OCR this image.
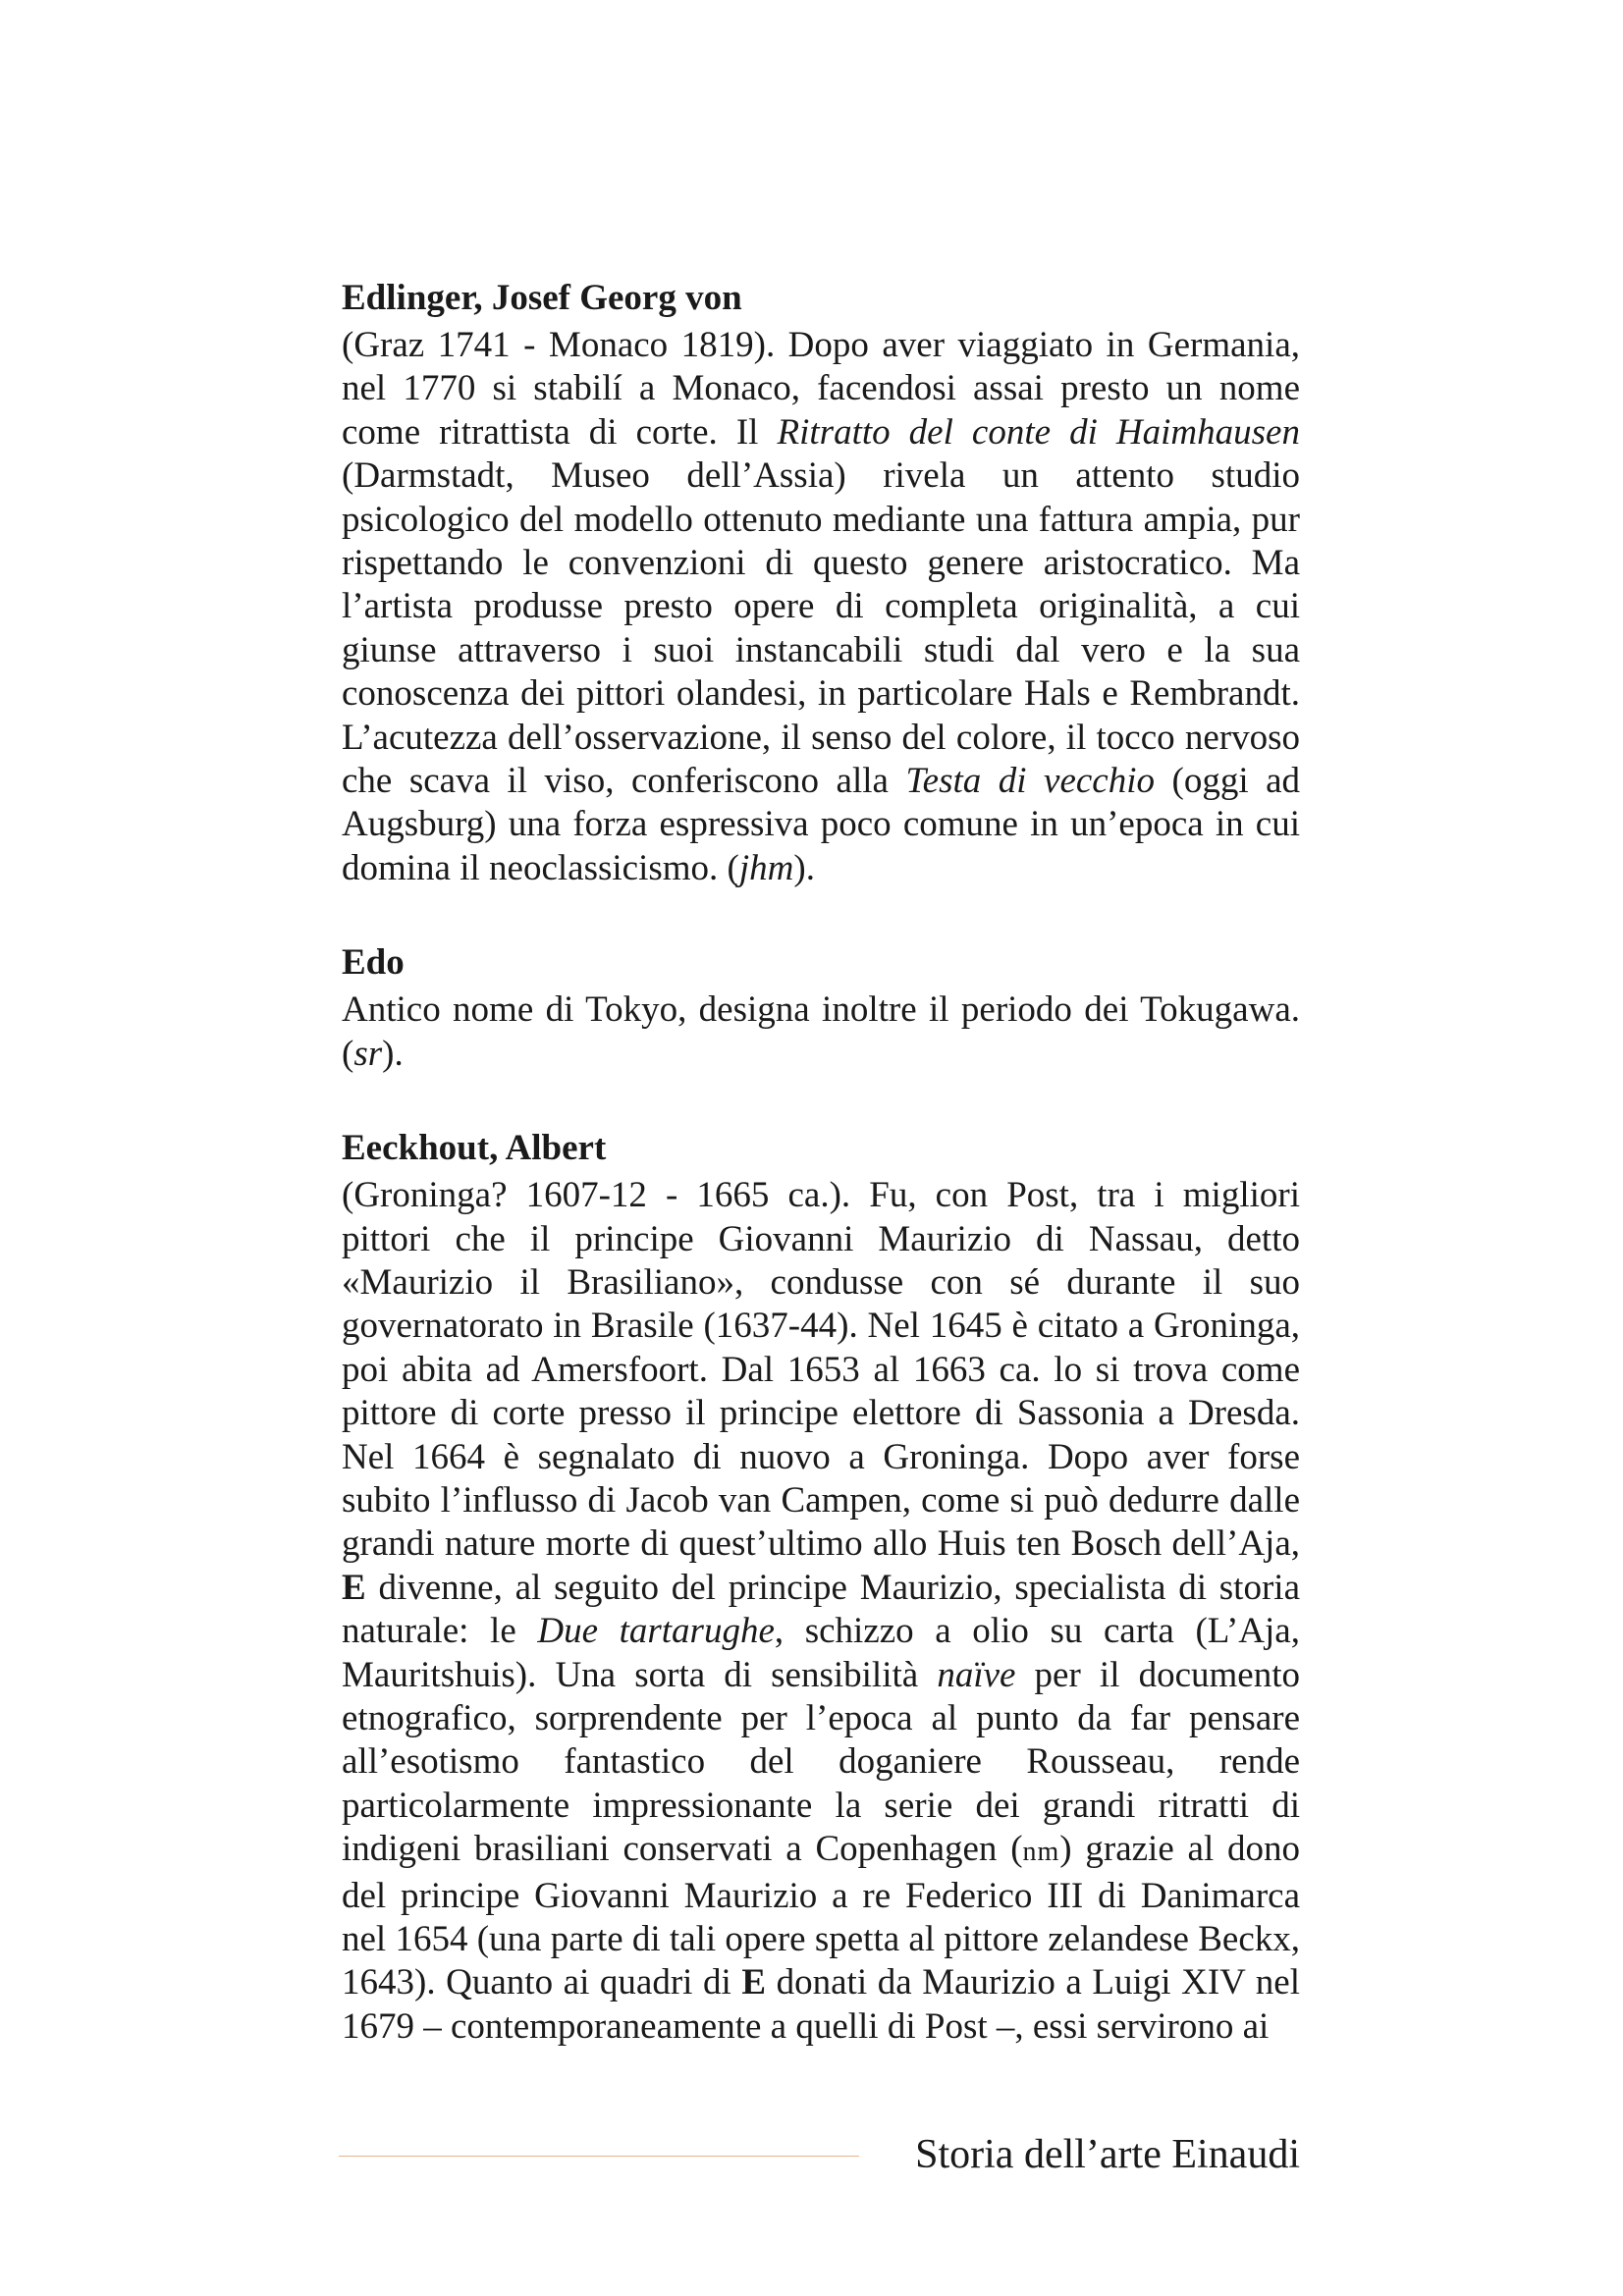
Edlinger, Josef Georg von

(Graz 1741 - Monaco 1819). Dopo aver viaggiato in Germania, nel 1770 si stabilí a Monaco, facendosi assai presto un nome come ritrattista di corte. Il Ritratto del conte di Haimhausen (Darmstadt, Museo dell’Assia) rivela un attento studio psicologico del modello ottenuto mediante una fattura ampia, pur rispettando le convenzioni di questo genere aristocratico. Ma l’artista produsse presto opere di completa originalità, a cui giunse attraverso i suoi instancabili studi dal vero e la sua conoscenza dei pittori olandesi, in particolare Hals e Rembrandt. L’acutezza dell’osservazione, il senso del colore, il tocco nervoso che scava il viso, conferiscono alla Testa di vecchio (oggi ad Augsburg) una forza espressiva poco comune in un’epoca in cui domina il neoclassicismo. (jhm).

Edo

Antico nome di Tokyo, designa inoltre il periodo dei Tokugawa. (sr).

Eeckhout, Albert

(Groninga? 1607-12 - 1665 ca.). Fu, con Post, tra i migliori pittori che il principe Giovanni Maurizio di Nassau, detto «Maurizio il Brasiliano», condusse con sé durante il suo governatorato in Brasile (1637-44). Nel 1645 è citato a Groninga, poi abita ad Amersfoort. Dal 1653 al 1663 ca. lo si trova come pittore di corte presso il principe elettore di Sassonia a Dresda. Nel 1664 è segnalato di nuovo a Groninga. Dopo aver forse subito l’influsso di Jacob van Campen, come si può dedurre dalle grandi nature morte di quest’ultimo allo Huis ten Bosch dell’Aja, E divenne, al seguito del principe Maurizio, specialista di storia naturale: le Due tartarughe, schizzo a olio su carta (L’Aja, Mauritshuis). Una sorta di sensibilità naïve per il documento etnografico, sorprendente per l’epoca al punto da far pensare all’esotismo fantastico del doganiere Rousseau, rende particolarmente impressionante la serie dei grandi ritratti di indigeni brasiliani conservati a Copenhagen (nm) grazie al dono del principe Giovanni Maurizio a re Federico III di Danimarca nel 1654 (una parte di tali opere spetta al pittore zelandese Beckx, 1643). Quanto ai quadri di E donati da Maurizio a Luigi XIV nel 1679 – contemporaneamente a quelli di Post –, essi servirono ai

Storia dell’arte Einaudi
